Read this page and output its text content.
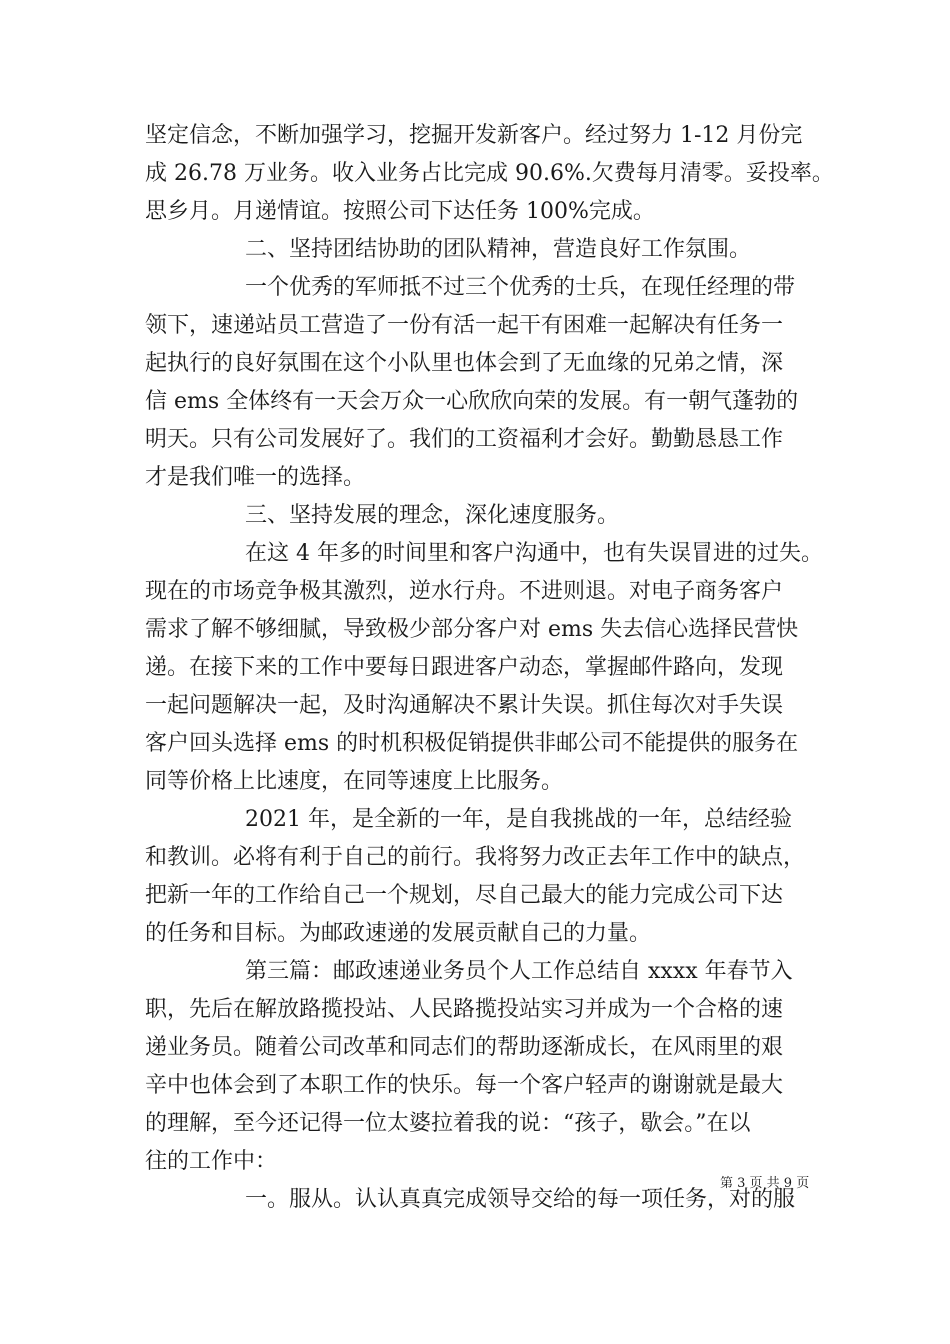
坚定信念，不断加强学习，挖掘开发新客户。经过努力 1-12 月份完

成 26.78 万业务。收入业务占比完成 90.6%.欠费每月清零。妥投率。

思乡月。月递情谊。按照公司下达任务 100%完成。

二、坚持团结协助的团队精神，营造良好工作氛围。

一个优秀的军师抵不过三个优秀的士兵，在现任经理的带

领下，速递站员工营造了一份有活一起干有困难一起解决有任务一

起执行的良好氛围在这个小队里也体会到了无血缘的兄弟之情，深

信 ems 全体终有一天会万众一心欣欣向荣的发展。有一朝气蓬勃的

明天。只有公司发展好了。我们的工资福利才会好。勤勤恳恳工作

才是我们唯一的选择。

三、坚持发展的理念，深化速度服务。

在这 4 年多的时间里和客户沟通中，也有失误冒进的过失。

现在的市场竞争极其激烈，逆水行舟。不进则退。对电子商务客户

需求了解不够细腻，导致极少部分客户对 ems 失去信心选择民营快

递。在接下来的工作中要每日跟进客户动态，掌握邮件路向，发现

一起问题解决一起，及时沟通解决不累计失误。抓住每次对手失误

客户回头选择 ems 的时机积极促销提供非邮公司不能提供的服务在

同等价格上比速度，在同等速度上比服务。

2021 年，是全新的一年，是自我挑战的一年，总结经验

和教训。必将有利于自己的前行。我将努力改正去年工作中的缺点，

把新一年的工作给自己一个规划，尽自己最大的能力完成公司下达

的任务和目标。为邮政速递的发展贡献自己的力量。

第三篇：邮政速递业务员个人工作总结自 xxxx 年春节入

职，先后在解放路揽投站、人民路揽投站实习并成为一个合格的速

递业务员。随着公司改革和同志们的帮助逐渐成长，在风雨里的艰

辛中也体会到了本职工作的快乐。每一个客户轻声的谢谢就是最大

的理解，至今还记得一位太婆拉着我的说：“孩子，歇会。”在以

往的工作中：

一。服从。认认真真完成领导交给的每一项任务，对的服

第 3 页 共 9 页
